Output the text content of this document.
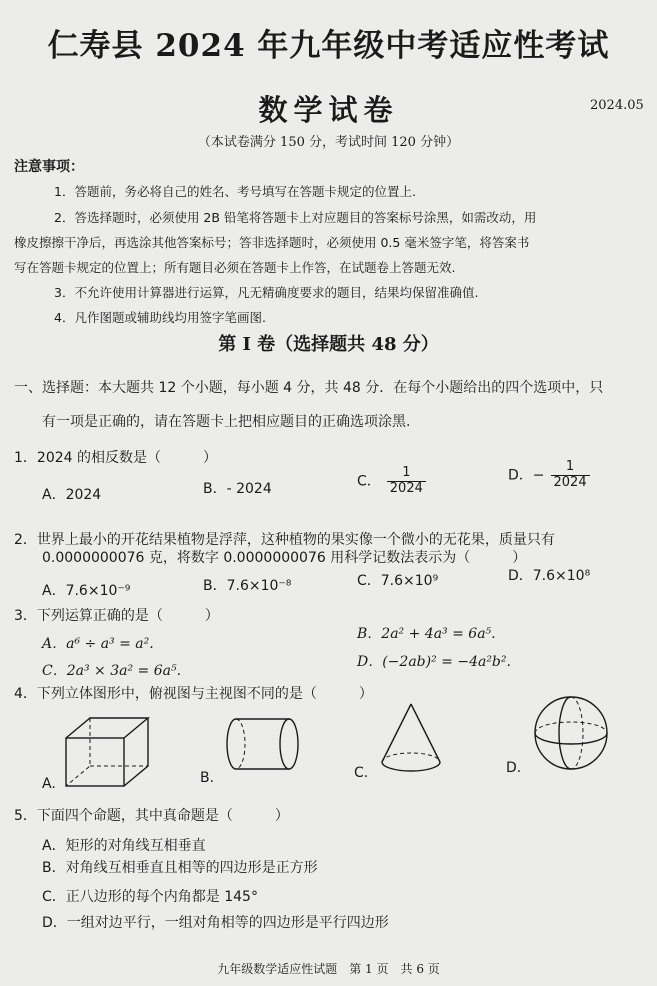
仁寿县 2024 年九年级中考适应性考试
数学试卷	2024.05
（本试卷满分 150 分，考试时间 120 分钟）
注意事项：
1．答题前，务必将自己的姓名、考号填写在答题卡规定的位置上.
2．答选择题时，必须使用 2B 铅笔将答题卡上对应题目的答案标号涂黑，如需改动，用
橡皮擦擦干净后，再选涂其他答案标号；答非选择题时，必须使用 0.5 毫米签字笔，将答案书
写在答题卡规定的位置上；所有题目必须在答题卡上作答，在试题卷上答题无效.
3．不允许使用计算器进行运算，凡无精确度要求的题目，结果均保留准确值.
4．凡作图题或辅助线均用签字笔画图.
第 I 卷（选择题共 48 分）
一、选择题：本大题共 12 个小题，每小题 4 分，共 48 分．在每个小题给出的四个选项中，只
有一项是正确的，请在答题卡上把相应题目的正确选项涂黑.
1．2024 的相反数是（　　　）
A．2024	B．- 2024	C． $\frac{1}{2024}$	D．− $\frac{1}{2024}$
2．世界上最小的开花结果植物是浮萍，这种植物的果实像一个微小的无花果，质量只有
0.0000000076 克，将数字 0.0000000076 用科学记数法表示为（　　　）
A．7.6×10⁻⁹	B．7.6×10⁻⁸	C．7.6×10⁹	D．7.6×10⁸
3．下列运算正确的是（　　　）
A．a⁶ ÷ a³ = a².
B．2a² + 4a³ = 6a⁵.
C．2a³ × 3a² = 6a⁵.
D．(−2ab)² = −4a²b².
4．下列立体图形中，俯视图与主视图不同的是（　　　）
A.	B.	C.	D.
5．下面四个命题，其中真命题是（　　　）
A．矩形的对角线互相垂直
B．对角线互相垂直且相等的四边形是正方形
C．正八边形的每个内角都是 145°
D．一组对边平行，一组对角相等的四边形是平行四边形
九年级数学适应性试题　第 1 页　共 6 页
